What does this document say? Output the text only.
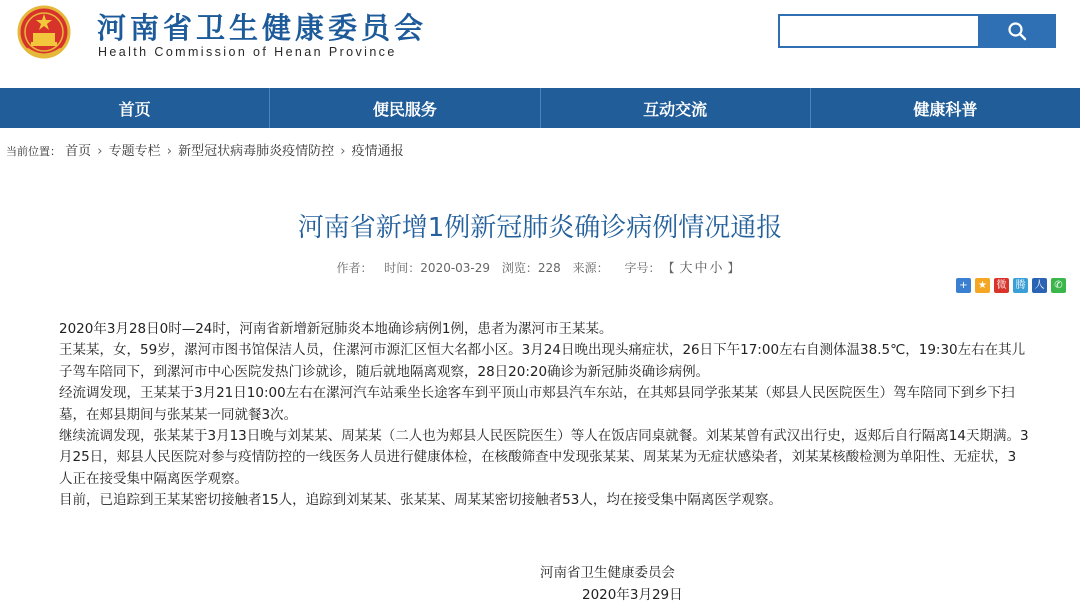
河南省卫生健康委员会
Health Commission of Henan Province
首页	便民服务	互动交流	健康科普
当前位置： 首页 › 专题专栏 › 新型冠状病毒肺炎疫情防控 › 疫情通报
河南省新增1例新冠肺炎确诊病例情况通报
作者： 时间：2020-03-29 浏览：228 来源： 字号： 【 大 中 小 】
+	★ 微 腾 人 ✆

2020年3月28日0时—24时，河南省新增新冠肺炎本地确诊病例1例，患者为漯河市王某某。

王某某，女，59岁，漯河市图书馆保洁人员，住漯河市源汇区恒大名都小区。3月24日晚出现头痛症状，26日下午17:00左右自测体温38.5℃，19:30左右在其儿子驾车陪同下，到漯河市中心医院发热门诊就诊，随后就地隔离观察，28日20:20确诊为新冠肺炎确诊病例。

经流调发现，王某某于3月21日10:00左右在漯河汽车站乘坐长途客车到平顶山市郏县汽车东站，在其郏县同学张某某（郏县人民医院医生）驾车陪同下到乡下扫墓，在郏县期间与张某某一同就餐3次。

继续流调发现，张某某于3月13日晚与刘某某、周某某（二人也为郏县人民医院医生）等人在饭店同桌就餐。刘某某曾有武汉出行史，返郏后自行隔离14天期满。3月25日，郏县人民医院对参与疫情防控的一线医务人员进行健康体检，在核酸筛查中发现张某某、周某某为无症状感染者，刘某某核酸检测为单阳性、无症状，3人正在接受集中隔离医学观察。

目前，已追踪到王某某密切接触者15人，追踪到刘某某、张某某、周某某密切接触者53人，均在接受集中隔离医学观察。

河南省卫生健康委员会
2020年3月29日
